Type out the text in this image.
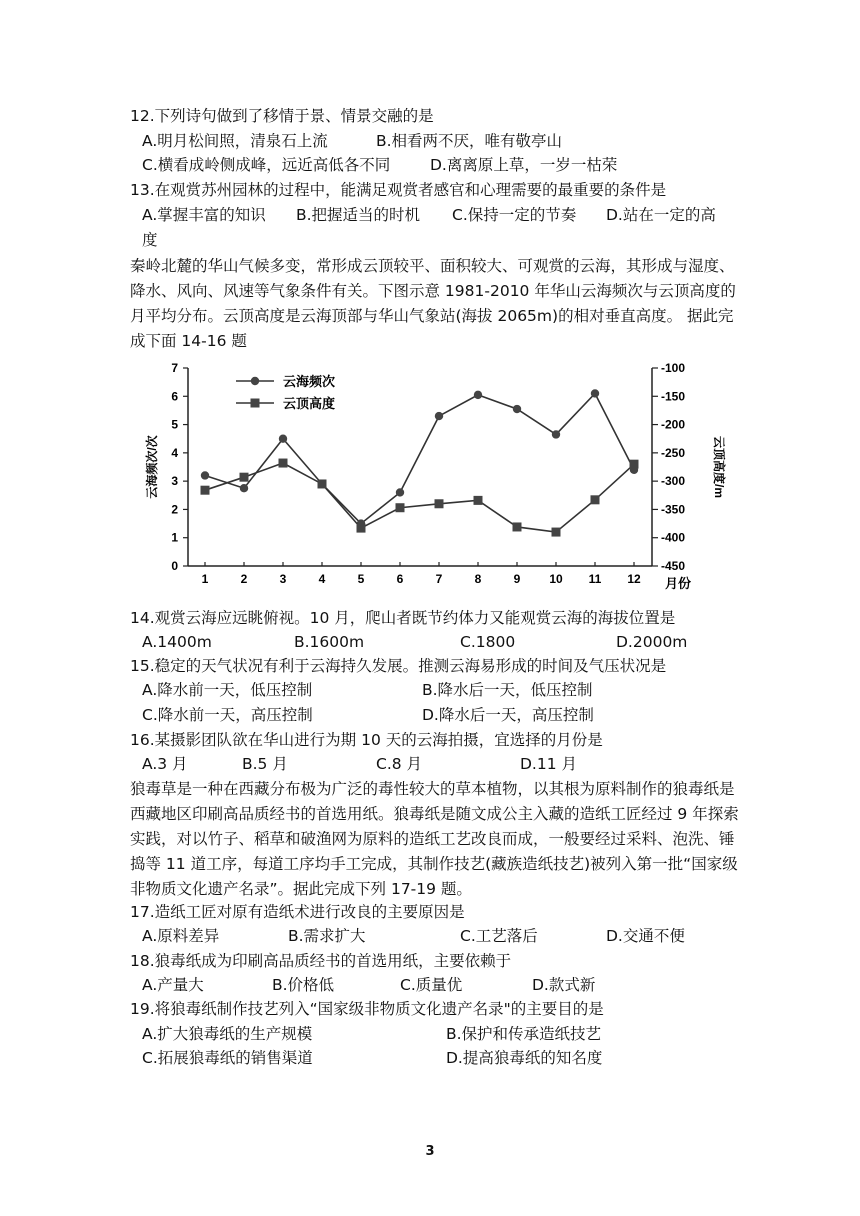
12.下列诗句做到了移情于景、情景交融的是
A.明月松间照，清泉石上流	B.相看两不厌，唯有敬亭山
C.横看成岭侧成峰，远近高低各不同	D.离离原上草，一岁一枯荣
13.在观赏苏州园林的过程中，能满足观赏者感官和心理需要的最重要的条件是
A.掌握丰富的知识 B.把握适当的时机 C.保持一定的节奏 D.站在一定的高
度
秦岭北麓的华山气候多变，常形成云顶较平、面积较大、可观赏的云海，其形成与湿度、降水、风向、风速等气象条件有关。下图示意 1981-2010 年华山云海频次与云顶高度的月平均分布。云顶高度是云海顶部与华山气象站(海拔 2065m)的相对垂直高度。 据此完成下面 14-16 题
0
1
2
3
4
5
6
7	-100
-150
-200
-250
-300
-350
-400
-450
1	2	3	4	5	6	7	8	9 10 11 12
云海频次
云顶高度
云海频次/次	云顶高度/m
月份
14.观赏云海应远眺俯视。10 月，爬山者既节约体力又能观赏云海的海拔位置是
A.1400m	B.1600m	C.1800	D.2000m
15.稳定的天气状况有利于云海持久发展。推测云海易形成的时间及气压状况是
A.降水前一天，低压控制	B.降水后一天，低压控制
C.降水前一天，高压控制	D.降水后一天，高压控制
16.某摄影团队欲在华山进行为期 10 天的云海拍摄，宜选择的月份是
A.3 月	B.5 月	C.8 月	D.11 月
狼毒草是一种在西藏分布极为广泛的毒性较大的草本植物，以其根为原料制作的狼毒纸是西藏地区印刷高品质经书的首选用纸。狼毒纸是随文成公主入藏的造纸工匠经过 9 年探索实践，对以竹子、稻草和破渔网为原料的造纸工艺改良而成，一般要经过采料、泡洗、锤捣等 11 道工序，每道工序均手工完成，其制作技艺(藏族造纸技艺)被列入第一批“国家级非物质文化遗产名录”。据此完成下列 17-19 题。
17.造纸工匠对原有造纸术进行改良的主要原因是
A.原料差异	B.需求扩大	C.工艺落后	D.交通不便
18.狼毒纸成为印刷高品质经书的首选用纸，主要依赖于
A.产量大	B.价格低	C.质量优	D.款式新
19.将狼毒纸制作技艺列入“国家级非物质文化遗产名录"的主要目的是
A.扩大狼毒纸的生产规模	B.保护和传承造纸技艺
C.拓展狼毒纸的销售渠道	D.提高狼毒纸的知名度
3
